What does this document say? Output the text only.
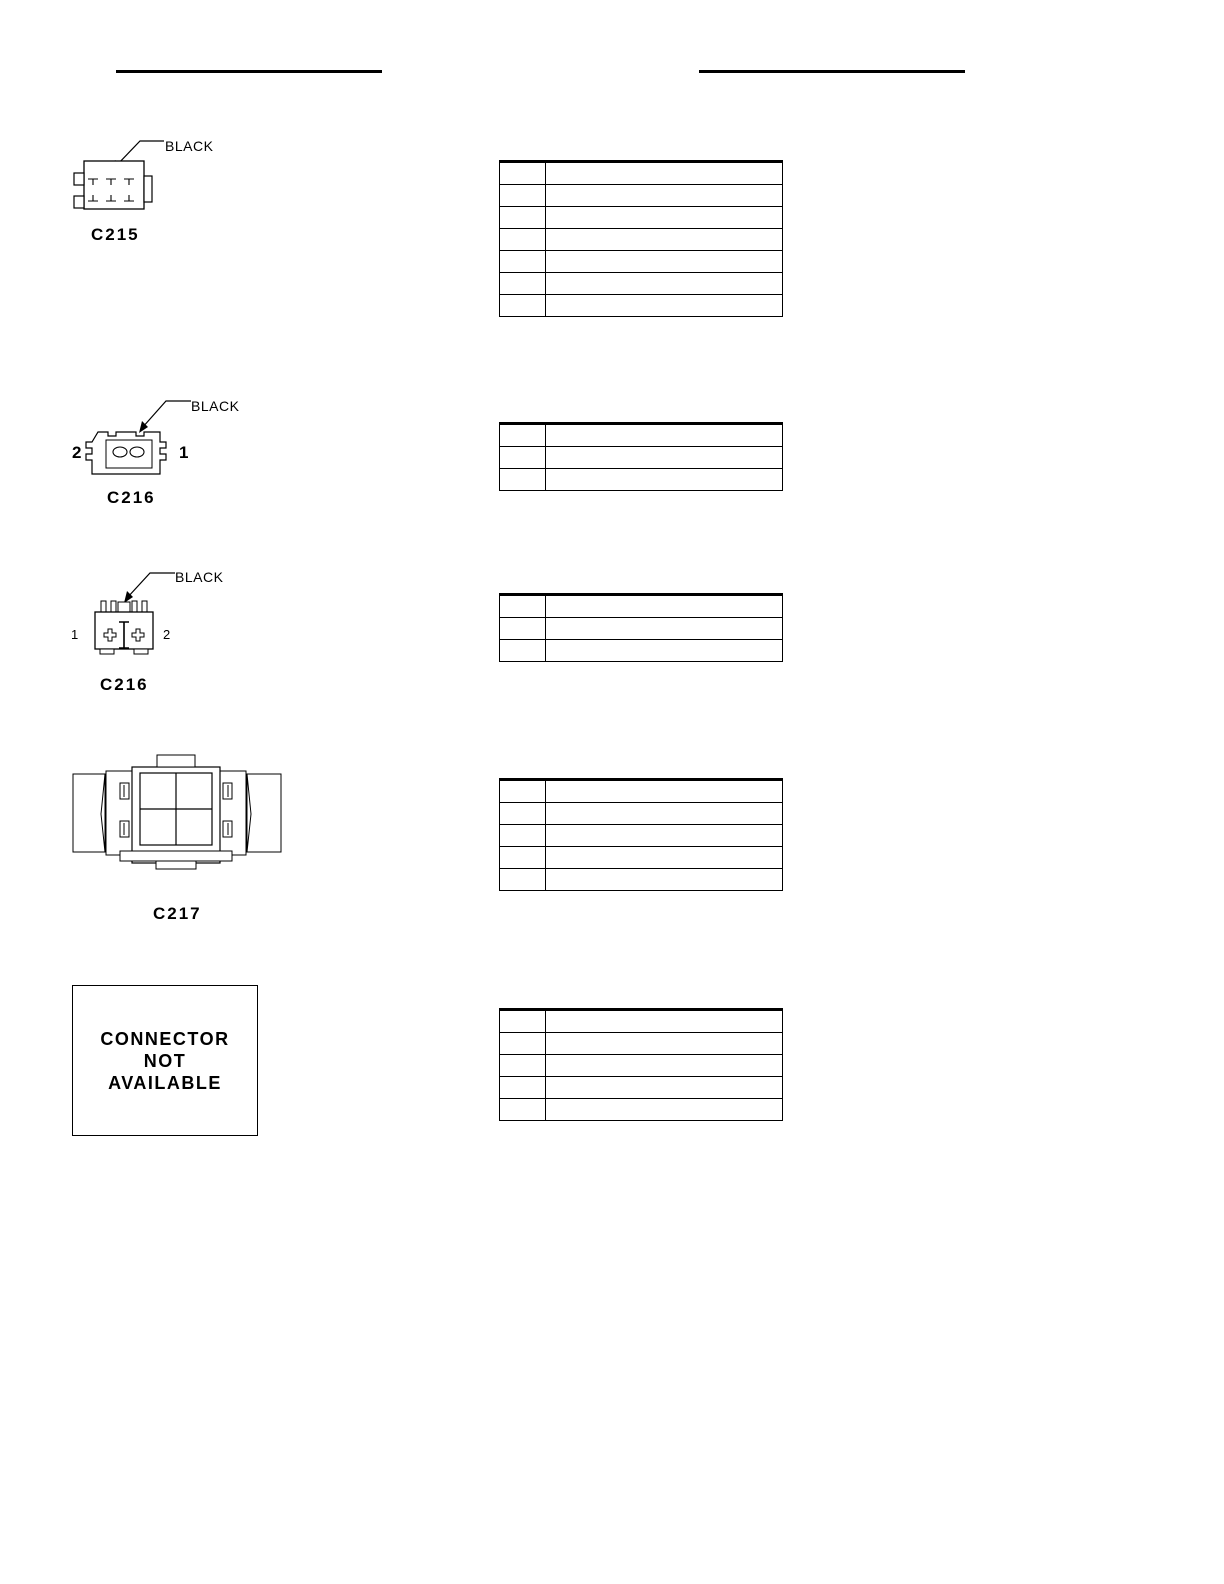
BLACK
C215
BLACK
2	1
C216
BLACK
1	2
C216
C217
CONNECTOR
NOT
AVAILABLE
